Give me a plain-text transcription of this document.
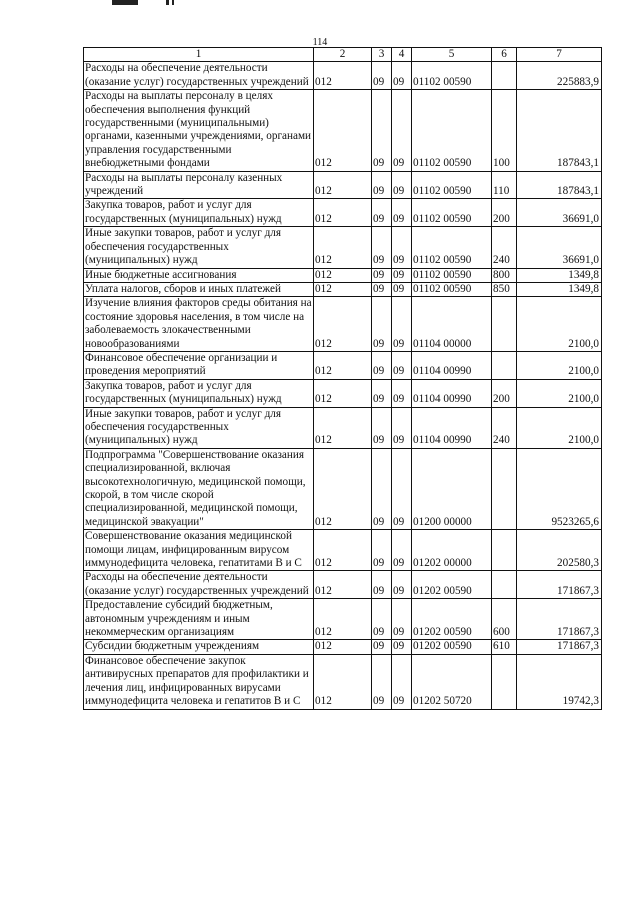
114
1	2	3	4	5	6	7
Расходы на обеспечение деятельности (оказание услуг) государственных учреждений	012	09	09	01102 00590		225883,9
Расходы на выплаты персоналу в целях обеспечения выполнения функций государственными (муниципальными) органами, казенными учреждениями, органами управления государственными внебюджетными фондами	012	09	09	01102 00590	100	187843,1
Расходы на выплаты персоналу казенных учреждений	012	09	09	01102 00590	110	187843,1
Закупка товаров, работ и услуг для государственных (муниципальных) нужд	012	09	09	01102 00590	200	36691,0
Иные закупки товаров, работ и услуг для обеспечения государственных (муниципальных) нужд	012	09	09	01102 00590	240	36691,0
Иные бюджетные ассигнования	012	09	09	01102 00590	800	1349,8
Уплата налогов, сборов и иных платежей	012	09	09	01102 00590	850	1349,8
Изучение влияния факторов среды обитания на состояние здоровья населения, в том числе на заболеваемость злокачественными новообразованиями	012	09	09	01104 00000		2100,0
Финансовое обеспечение организации и проведения мероприятий	012	09	09	01104 00990		2100,0
Закупка товаров, работ и услуг для государственных (муниципальных) нужд	012	09	09	01104 00990	200	2100,0
Иные закупки товаров, работ и услуг для обеспечения государственных (муниципальных) нужд	012	09	09	01104 00990	240	2100,0
Подпрограмма "Совершенствование оказания специализированной, включая высокотехнологичную, медицинской помощи, скорой, в том числе скорой специализированной, медицинской помощи, медицинской эвакуации"	012	09	09	01200 00000		9523265,6
Совершенствование оказания медицинской помощи лицам, инфицированным вирусом иммунодефицита человека, гепатитами B и C	012	09	09	01202 00000		202580,3
Расходы на обеспечение деятельности (оказание услуг) государственных учреждений	012	09	09	01202 00590		171867,3
Предоставление субсидий бюджетным, автономным учреждениям и иным некоммерческим организациям	012	09	09	01202 00590	600	171867,3
Субсидии бюджетным учреждениям	012	09	09	01202 00590	610	171867,3
Финансовое обеспечение закупок антивирусных препаратов для профилактики и лечения лиц, инфицированных вирусами иммунодефицита человека и гепатитов B и C	012	09	09	01202 50720		19742,3
